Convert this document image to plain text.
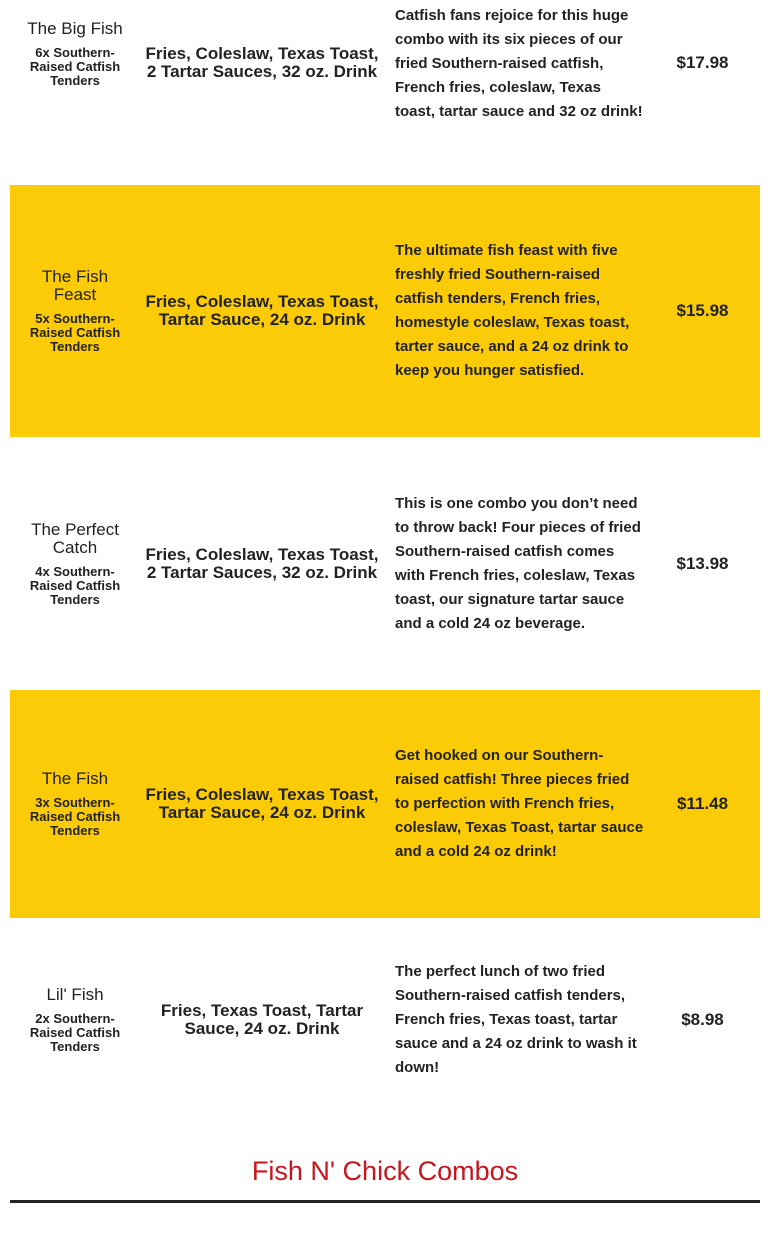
The Big Fish
6x Southern-Raised Catfish Tenders
Fries, Coleslaw, Texas Toast, 2 Tartar Sauces, 32 oz. Drink
Catfish fans rejoice for this huge combo with its six pieces of our fried Southern-raised catfish, French fries, coleslaw, Texas toast, tartar sauce and 32 oz drink!
$17.98
The Fish Feast
5x Southern-Raised Catfish Tenders
Fries, Coleslaw, Texas Toast, Tartar Sauce, 24 oz. Drink
The ultimate fish feast with five freshly fried Southern-raised catfish tenders, French fries, homestyle coleslaw, Texas toast, tarter sauce, and a 24 oz drink to keep you hunger satisfied.
$15.98
The Perfect Catch
4x Southern-Raised Catfish Tenders
Fries, Coleslaw, Texas Toast, 2 Tartar Sauces, 32 oz. Drink
This is one combo you don’t need to throw back! Four pieces of fried Southern-raised catfish comes with French fries, coleslaw, Texas toast, our signature tartar sauce and a cold 24 oz beverage.
$13.98
The Fish
3x Southern-Raised Catfish Tenders
Fries, Coleslaw, Texas Toast, Tartar Sauce, 24 oz. Drink
Get hooked on our Southern-raised catfish! Three pieces fried to perfection with French fries, coleslaw, Texas Toast, tartar sauce and a cold 24 oz drink!
$11.48
Lil' Fish
2x Southern-Raised Catfish Tenders
Fries, Texas Toast, Tartar Sauce, 24 oz. Drink
The perfect lunch of two fried Southern-raised catfish tenders, French fries, Texas toast, tartar sauce and a 24 oz drink to wash it down!
$8.98
Fish N' Chick Combos
